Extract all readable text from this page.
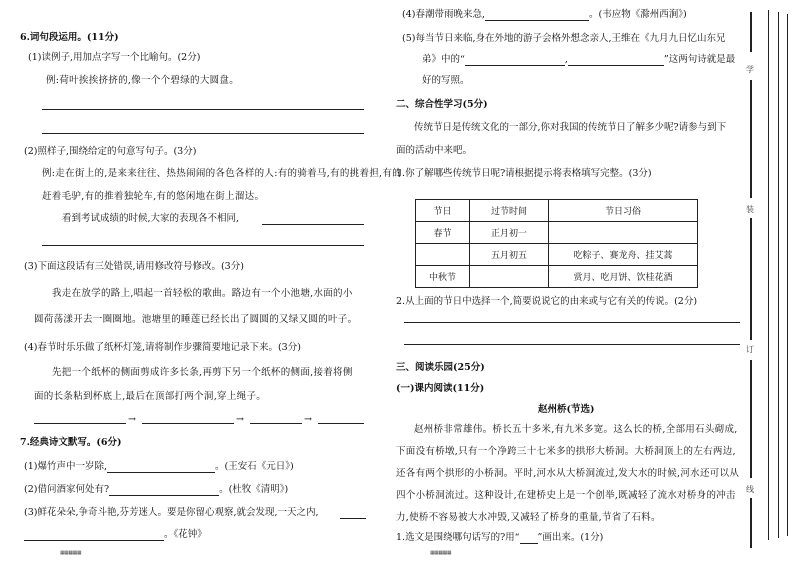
6.词句段运用。(11分)
(1)读例子,用加点字写一个比喻句。(2分)
例:荷叶挨挨挤挤的,像一个个碧绿的大圆盘。
(2)照样子,围绕给定的句意写句子。(3分)
例:走在街上的,是来来往往、热热闹闹的各色各样的人:有的骑着马,有的挑着担,有的
赶着毛驴,有的推着独轮车,有的悠闲地在街上溜达。
看到考试成绩的时候,大家的表现各不相同,
(3)下面这段话有三处错误,请用修改符号修改。(3分)
我走在放学的路上,唱起一首轻松的歌曲。路边有一个小池塘,水面的小
圆荷荡漾开去一圈圈地。池塘里的睡莲已经长出了圆圆的又绿又圆的叶子。
(4)春节时乐乐做了纸杯灯笼,请将制作步骤简要地记录下来。(3分)
先把一个纸杯的侧面剪成许多长条,再剪下另一个纸杯的侧面,接着将侧
面的长条粘到杯底上,最后在顶部打两个洞,穿上绳子。
→	→	→
7.经典诗文默写。(6分)
(1)爆竹声中一岁除,	。(王安石《元日》)
(2)借问酒家何处有?	。(杜牧《清明》)
(3)鲜花朵朵,争奇斗艳,芬芳迷人。要是你留心观察,就会发现,一天之内,
。《花钟》
▦▦▦▦▦
(4)春潮带雨晚来急,	。(韦应物《滁州西涧》)
(5)每当节日来临,身在外地的游子会格外想念亲人,王维在《九月九日忆山东兄
弟》中的“	,	”这两句诗就是最
好的写照。
二、综合性学习(5分)
传统节日是传统文化的一部分,你对我国的传统节日了解多少呢?请参与到下
面的活动中来吧。
1.你了解哪些传统节日呢?请根据提示将表格填写完整。(3分)
节日	过节时间	节日习俗
春节	正月初一	
	五月初五	吃粽子、赛龙舟、挂艾蒿
中秋节		赏月、吃月饼、饮桂花酒
2.从上面的节日中选择一个,简要说说它的由来或与它有关的传说。(2分)
三、阅读乐园(25分)
(一)课内阅读(11分)
赵州桥(节选)
赵州桥非常雄伟。桥长五十多米,有九米多宽。这么长的桥,全部用石头砌成,
下面没有桥墩,只有一个净跨三十七米多的拱形大桥洞。大桥洞顶上的左右两边,
还各有两个拱形的小桥洞。平时,河水从大桥洞流过,发大水的时候,河水还可以从
四个小桥洞流过。这种设计,在建桥史上是一个创举,既减轻了流水对桥身的冲击
力,使桥不容易被大水冲毁,又减轻了桥身的重量,节省了石料。
1.选文是围绕哪句话写的?用“ ”画出来。(1分)
▦▦▦▦▦
学
装
订
线
